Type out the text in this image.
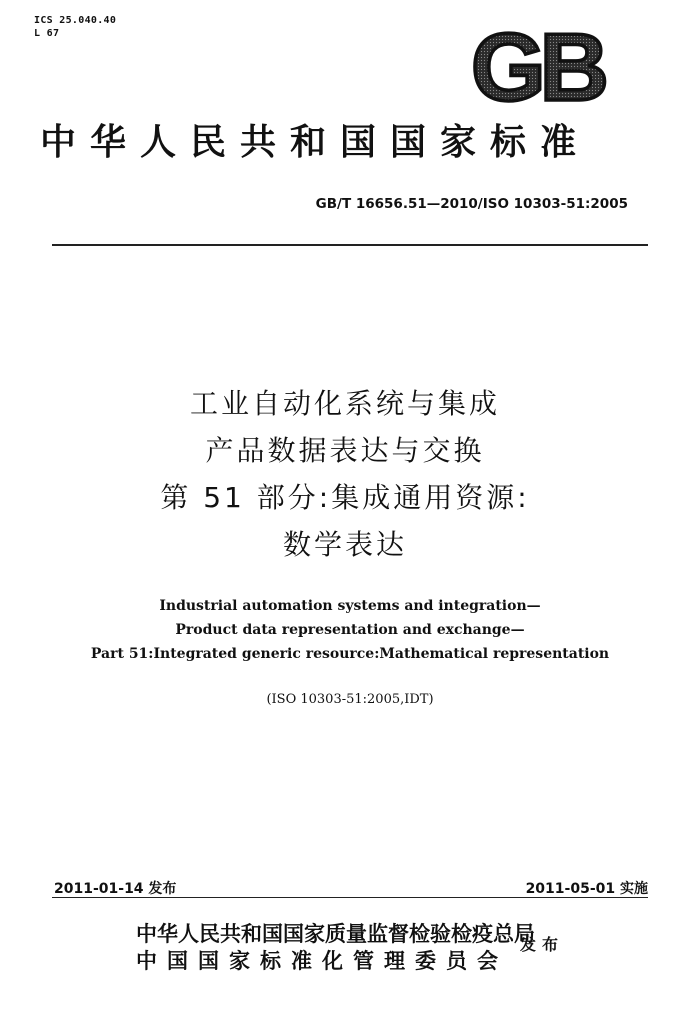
ICS 25.040.40
L 67	GB
中华人民共和国国家标准
GB/T 16656.51—2010/ISO 10303-51:2005
工业自动化系统与集成
产品数据表达与交换
第 51 部分:集成通用资源:
数学表达
Industrial automation systems and integration—
Product data representation and exchange—
Part 51:Integrated generic resource:Mathematical representation
(ISO 10303-51:2005,IDT)
2011-01-14 发布	2011-05-01 实施
中华人民共和国国家质量监督检验检疫总局
中国国家标准化管理委员会
发布
